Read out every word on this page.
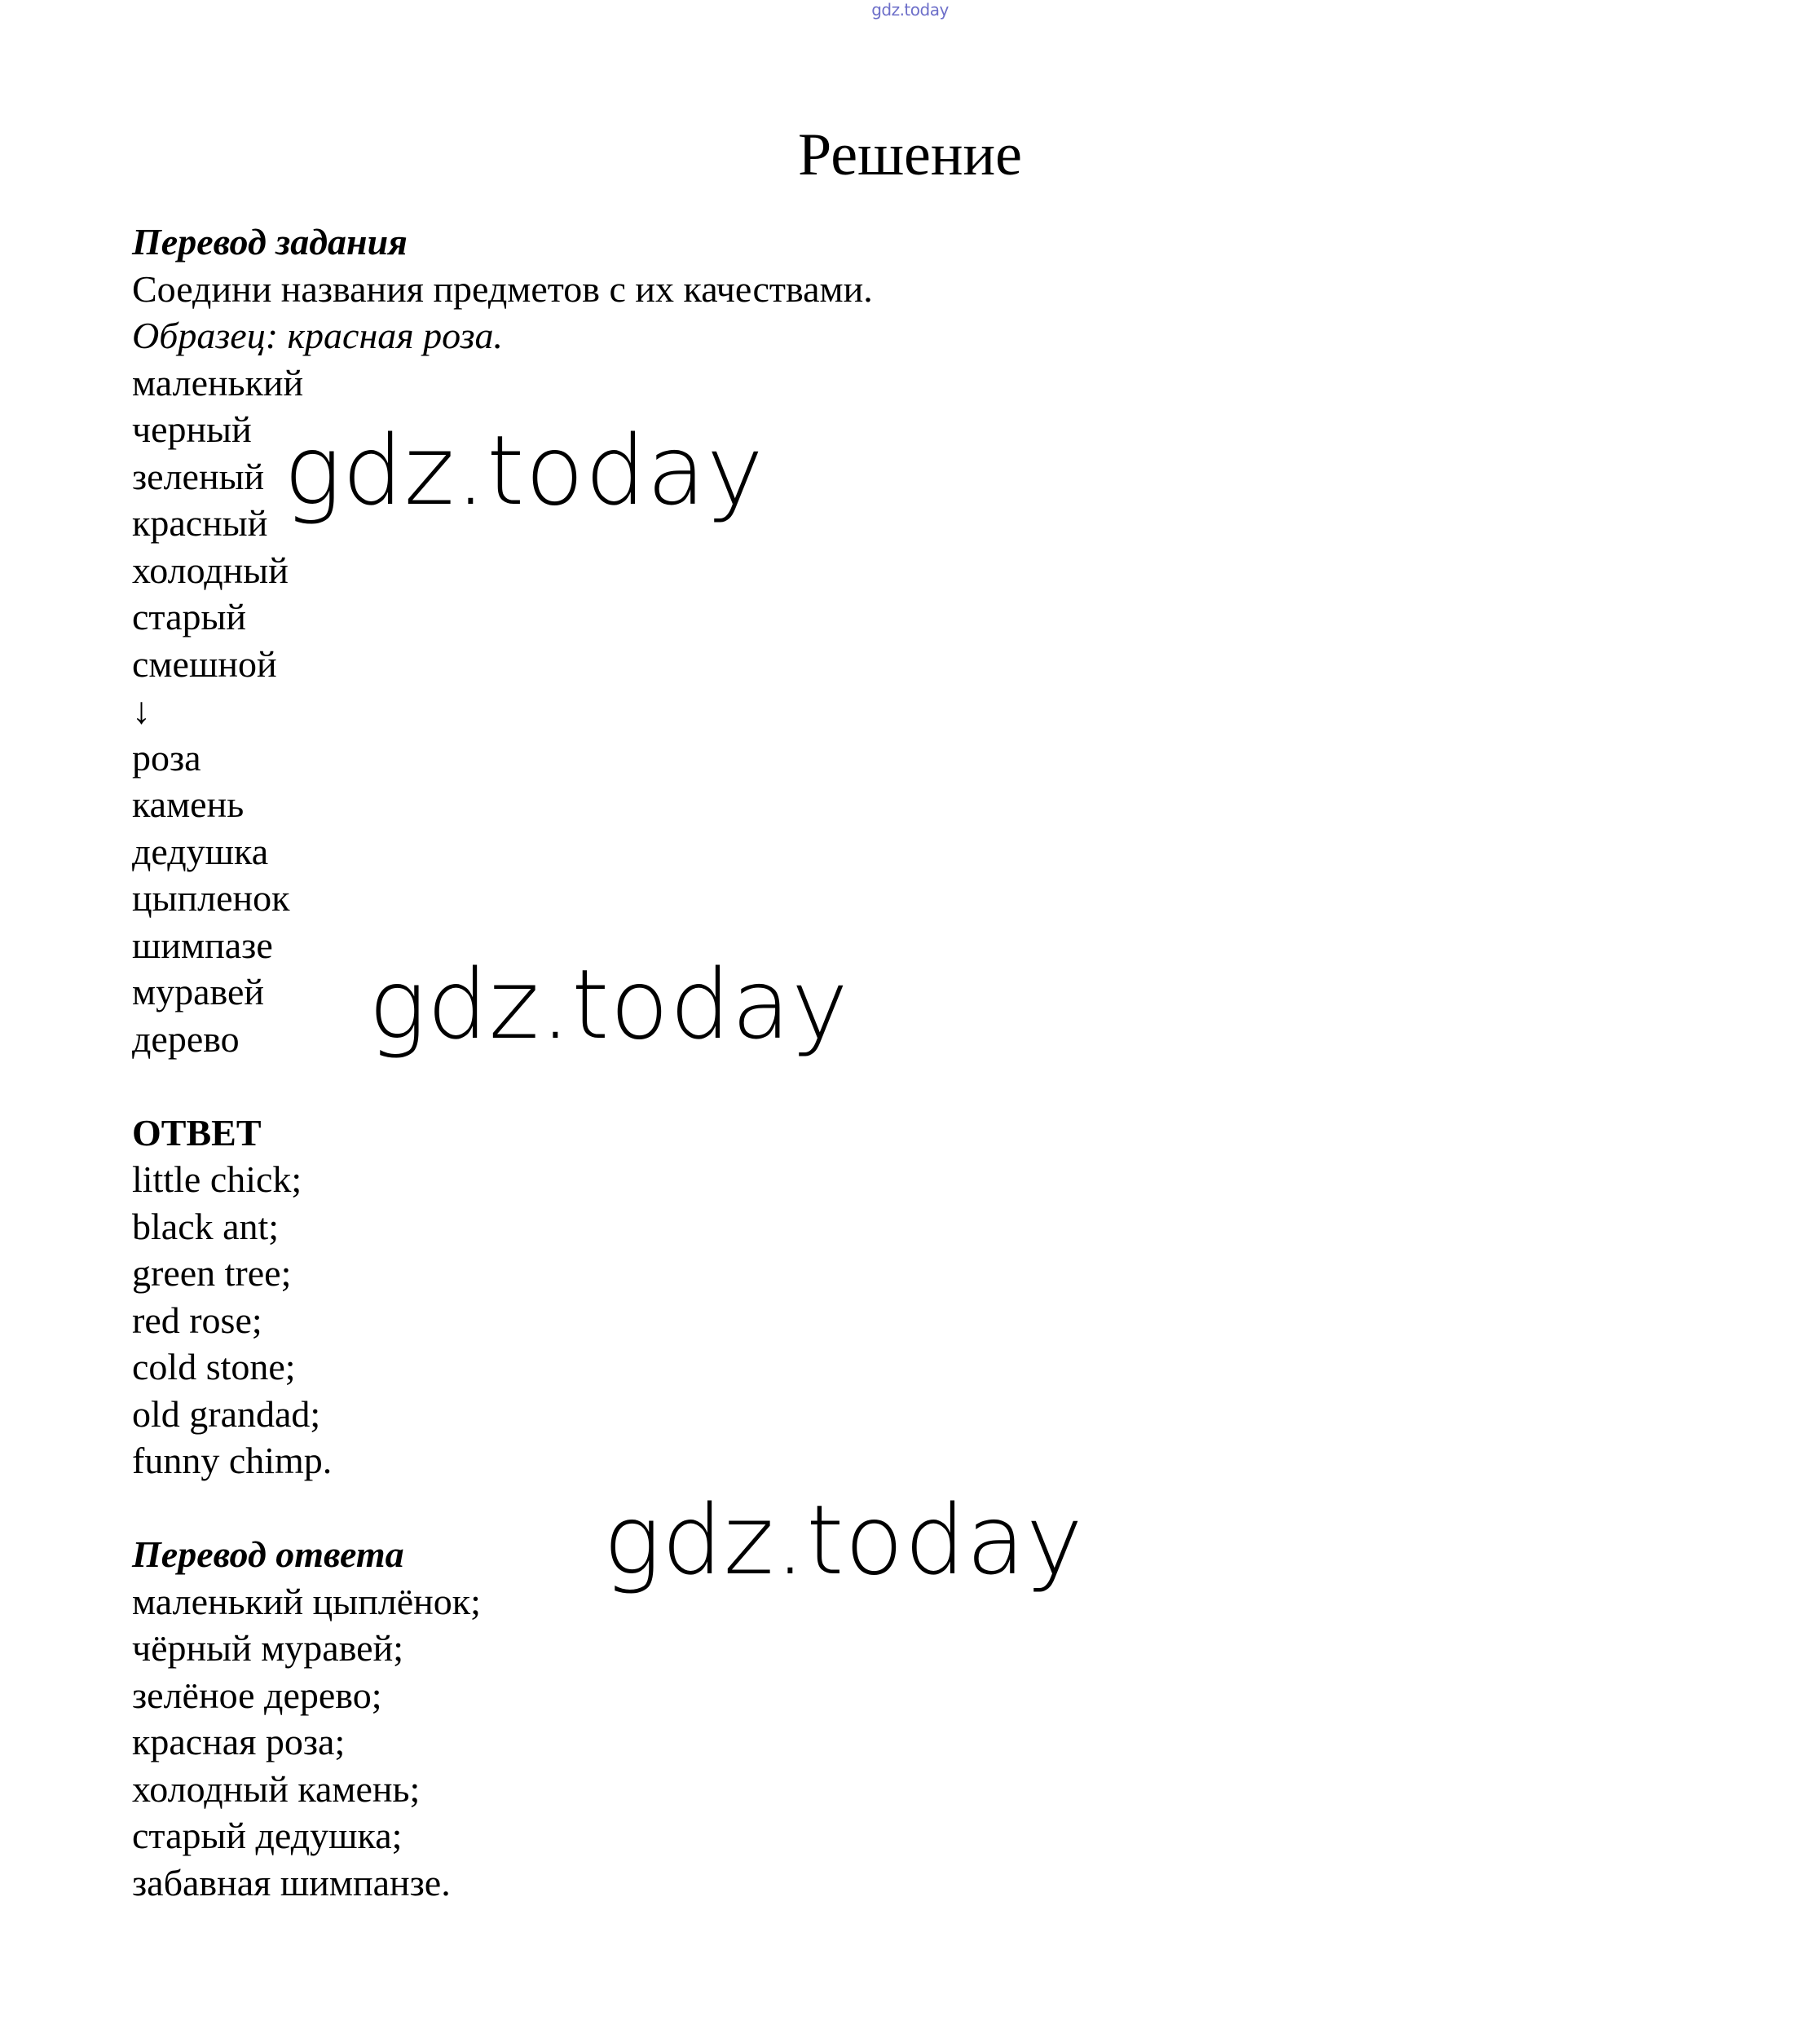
gdz.today
Решение
Перевод задания
Соедини названия предметов с их качествами.
Образец: красная роза.
маленький
черный
зеленый
красный
холодный
старый
смешной
↓
роза
камень
дедушка
цыпленок
шимпазе
муравей
дерево
ОТВЕТ
little chick;
black ant;
green tree;
red rose;
cold stone;
old grandad;
funny chimp.
Перевод ответа
маленький цыплёнок;
чёрный муравей;
зелёное дерево;
красная роза;
холодный камень;
старый дедушка;
забавная шимпанзе.
gdz.today
gdz.today
gdz.today
